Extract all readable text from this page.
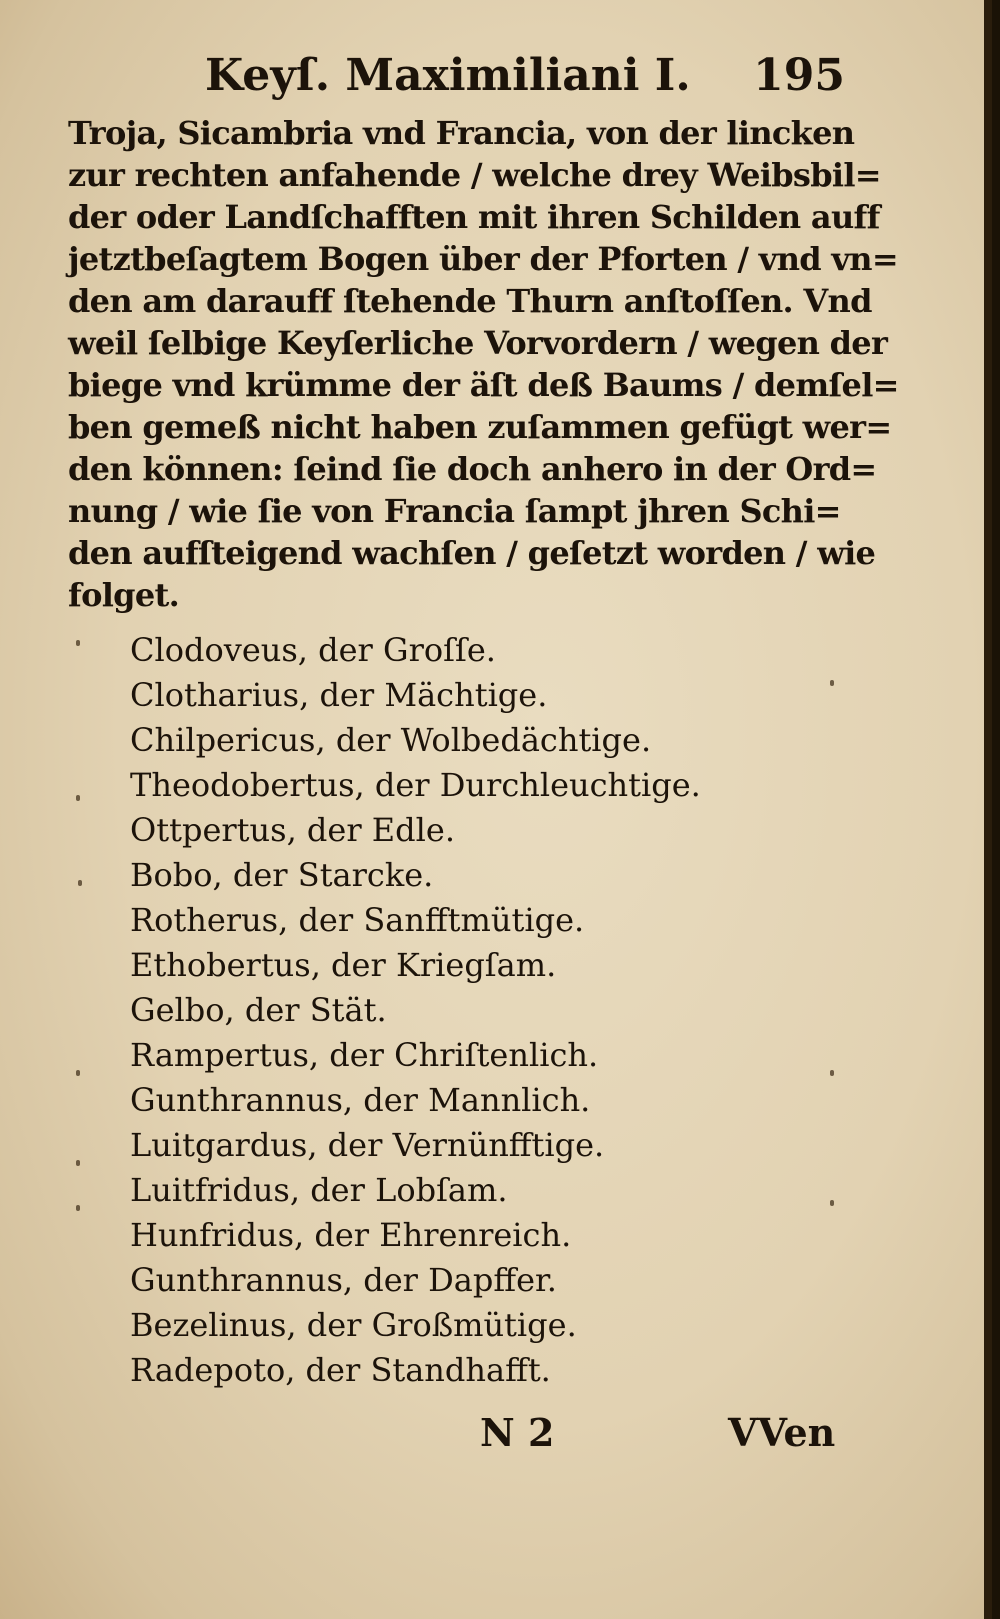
Keyſ. Maximiliani I. 195
Troja, Sicambria vnd Francia, von der lincken
zur rechten anfahende / welche drey Weibsbil=
der oder Landſchafften mit ihren Schilden auff
jetztbeſagtem Bogen über der Pforten / vnd vn=
den am darauff ſtehende Thurn anſtoſſen. Vnd
weil ſelbige Keyſerliche Vorvordern / wegen der
biege vnd krümme der äſt deß Baums / demſel=
ben gemeß nicht haben zuſammen gefügt wer=
den können: ſeind ſie doch anhero in der Ord=
nung / wie ſie von Francia ſampt jhren Schi=
den aufſteigend wachſen / geſetzt worden / wie
folget.
Clodoveus, der Groſſe.
Clotharius, der Mächtige.
Chilpericus, der Wolbedächtige.
Theodobertus, der Durchleuchtige.
Ottpertus, der Edle.
Bobo, der Starcke.
Rotherus, der Sanfftmütige.
Ethobertus, der Kriegſam.
Gelbo, der Stät.
Rampertus, der Chriſtenlich.
Gunthrannus, der Mannlich.
Luitgardus, der Vernünfftige.
Luitfridus, der Lobſam.
Hunfridus, der Ehrenreich.
Gunthrannus, der Dapffer.
Bezelinus, der Großmütige.
Radepoto, der Standhafft.
N 2	VVen
